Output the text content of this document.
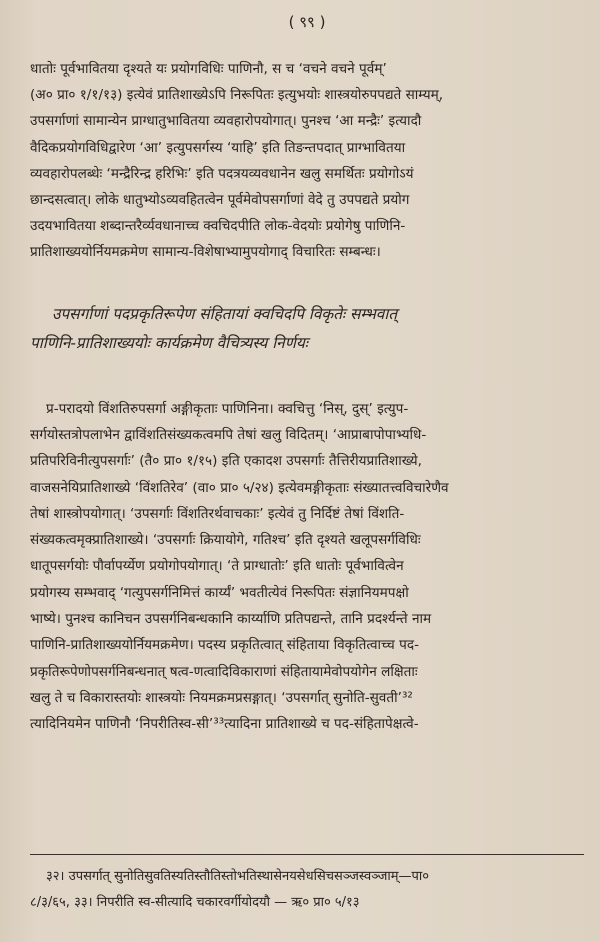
( ९९ )

धातोः पूर्वभावितया दृश्यते यः प्रयोगविधिः पाणिनौ, स च ‘वचने वचने पूर्वम्’

(अ० प्रा० १/१/१३) इत्येवं प्रातिशाख्येऽपि निरूपितः इत्युभयोः शास्त्रयोरुपपद्यते साम्यम्,

उपसर्गाणां सामान्येन प्राग्धातुभावितया व्यवहारोपयोगात्। पुनश्च ‘आ मन्द्रैः’ इत्यादौ

वैदिकप्रयोगविधिद्वारेण ‘आ’ इत्युपसर्गस्य ‘याहि’ इति तिङन्तपदात् प्राग्भावितया

व्यवहारोपलब्धेः ‘मन्द्रैरिन्द्र हरिभिः’ इति पदत्रयव्यवधानेन खलु समर्थितः प्रयोगोऽयं

छान्दसत्वात्। लोके धातुभ्योऽव्यवहितत्वेन पूर्वमेवोपसर्गाणां वेदे तु उपपद्यते प्रयोग

उदयभावितया शब्दान्तरैर्व्यवधानाच्च क्वचिदपीति लोक-वेदयोः प्रयोगेषु पाणिनि-

प्रातिशाख्ययोर्नियमक्रमेण सामान्य-विशेषाभ्यामुपयोगाद् विचारितः सम्बन्धः।

उपसर्गाणां पदप्रकृतिरूपेण संहितायां क्वचिदपि विकृतेः सम्भवात्

पाणिनि-प्रातिशाख्ययोः कार्यक्रमेण वैचित्र्यस्य निर्णयः

प्र-परादयो विंशतिरुपसर्गा अङ्गीकृताः पाणिनिना। क्वचित्तु ‘निस्, दुस्’ इत्युप-

सर्गयोस्तत्रोपलाभेन द्वाविंशतिसंख्यकत्वमपि तेषां खलु विदितम्। ‘आप्राबापोपाभ्यधि-

प्रतिपरिविनीत्युपसर्गाः’ (तै० प्रा० १/१५) इति एकादश उपसर्गाः तैत्तिरीयप्रातिशाख्ये,

वाजसनेयिप्रातिशाख्ये ‘विंशतिरेव’ (वा० प्रा० ५/२४) इत्येवमङ्गीकृताः संख्यातत्त्वविचारेणैव

तेषां शास्त्रोपयोगात्। ‘उपसर्गाः विंशतिरर्थवाचकाः’ इत्येवं तु निर्दिष्टं तेषां विंशति-

संख्यकत्वमृक्प्रातिशाख्ये। ‘उपसर्गाः क्रियायोगे, गतिश्च’ इति दृश्यते खलूपसर्गविधिः

धातूपसर्गयोः पौर्वापर्य्येण प्रयोगोपयोगात्। ‘ते प्राग्धातोः’ इति धातोः पूर्वभावित्वेन

प्रयोगस्य सम्भवाद् ‘गत्युपसर्गनिमित्तं कार्य्यं’ भवतीत्येवं निरूपितः संज्ञानियमपक्षो

भाष्ये। पुनश्च कानिचन उपसर्गनिबन्धकानि कार्य्याणि प्रतिपद्यन्ते, तानि प्रदर्श्यन्ते नाम

पाणिनि-प्रातिशाख्ययोर्नियमक्रमेण। पदस्य प्रकृतित्वात् संहिताया विकृतित्वाच्च पद-

प्रकृतिरूपेणोपसर्गनिबन्धनात् षत्व-णत्वादिविकाराणां संहितायामेवोपयोगेन लक्षिताः

खलु ते च विकारास्तयोः शास्त्रयोः नियमक्रमप्रसङ्गात्। ‘उपसर्गात् सुनोति-सुवती’³²

त्यादिनियमेन पाणिनौ ‘निपरीतिस्व-सी’³³त्यादिना प्रातिशाख्ये च पद-संहितापेक्षत्वे-

३२। उपसर्गात् सुनोतिसुवतिस्यतिस्तौतिस्तोभतिस्थासेनयसेधसिचसञ्जस्वञ्जाम्—पा०

८/३/६५, ३३। निपरीति स्व-सीत्यादि चकारवर्गीयोदयौ — ऋ० प्रा० ५/१३
